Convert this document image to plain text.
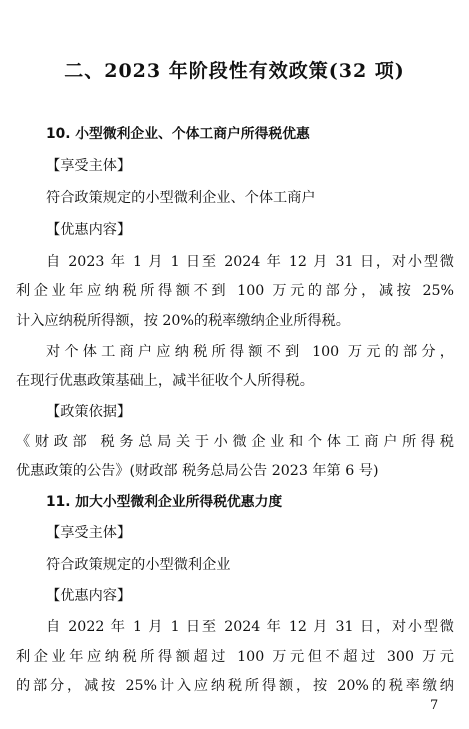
二、2023 年阶段性有效政策(32 项)
10. 小型微利企业、个体工商户所得税优惠
【享受主体】
符合政策规定的小型微利企业、个体工商户
【优惠内容】
自 2023 年 1 月 1 日至 2024 年 12 月 31 日，对小型微
利企业年应纳税所得额不到 100 万元的部分，减按 25%
计入应纳税所得额，按 20%的税率缴纳企业所得税。
对个体工商户应纳税所得额不到 100 万元的部分，
在现行优惠政策基础上，减半征收个人所得税。
【政策依据】
《财政部 税务总局关于小微企业和个体工商户所得税
优惠政策的公告》(财政部 税务总局公告 2023 年第 6 号)
11. 加大小型微利企业所得税优惠力度
【享受主体】
符合政策规定的小型微利企业
【优惠内容】
自 2022 年 1 月 1 日至 2024 年 12 月 31 日，对小型微
利企业年应纳税所得额超过 100 万元但不超过 300 万元
的部分，减按 25%计入应纳税所得额，按 20%的税率缴纳
7
